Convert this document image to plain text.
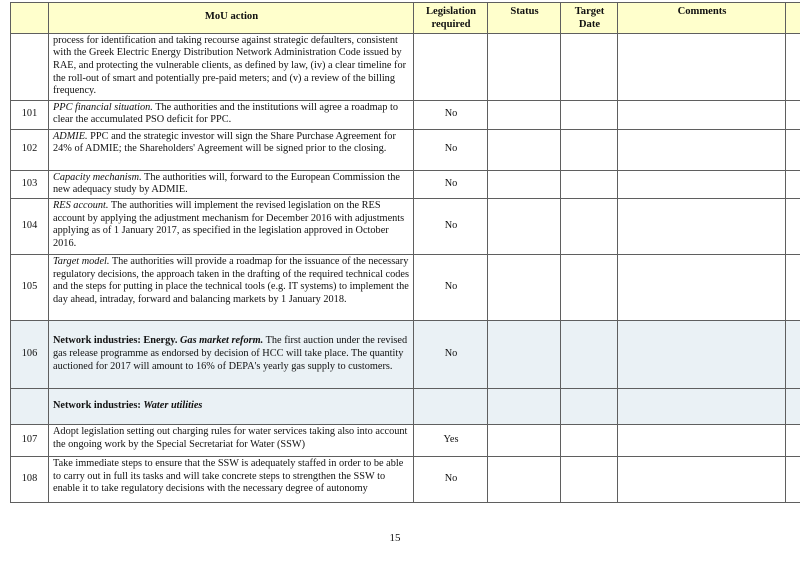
	MoU action	Legislation required	Status	Target Date	Comments	
	process for identification and taking recourse against strategic defaulters, consistent with the Greek Electric Energy Distribution Network Administration Code issued by RAE, and protecting the vulnerable clients, as defined by law, (iv) a clear timeline for the roll-out of smart and potentially pre-paid meters; and (v) a review of the billing frequency.					
101	PPC financial situation. The authorities and the institutions will agree a roadmap to clear the accumulated PSO deficit for PPC.	No				
102	ADMIE. PPC and the strategic investor will sign the Share Purchase Agreement for 24% of ADMIE; the Shareholders' Agreement will be signed prior to the closing.	No				
103	Capacity mechanism. The authorities will, forward to the European Commission the new adequacy study by ADMIE.	No				
104	RES account. The authorities will implement the revised legislation on the RES account by applying the adjustment mechanism for December 2016 with adjustments applying as of 1 January 2017, as specified in the legislation approved in October 2016.	No				
105	Target model. The authorities will provide a roadmap for the issuance of the necessary regulatory decisions, the approach taken in the drafting of the required technical codes and the steps for putting in place the technical tools (e.g. IT systems) to implement the day ahead, intraday, forward and balancing markets by 1 January 2018.	No				
106	Network industries: Energy. Gas market reform. The first auction under the revised gas release programme as endorsed by decision of HCC will take place. The quantity auctioned for 2017 will amount to 16% of DEPA's yearly gas supply to customers.	No				
	Network industries: Water utilities					
107	Adopt legislation setting out charging rules for water services taking also into account the ongoing work by the Special Secretariat for Water (SSW)	Yes				
108	Take immediate steps to ensure that the SSW is adequately staffed in order to be able to carry out in full its tasks and will take concrete steps to strengthen the SSW to enable it to take regulatory decisions with the necessary degree of autonomy	No				
15
